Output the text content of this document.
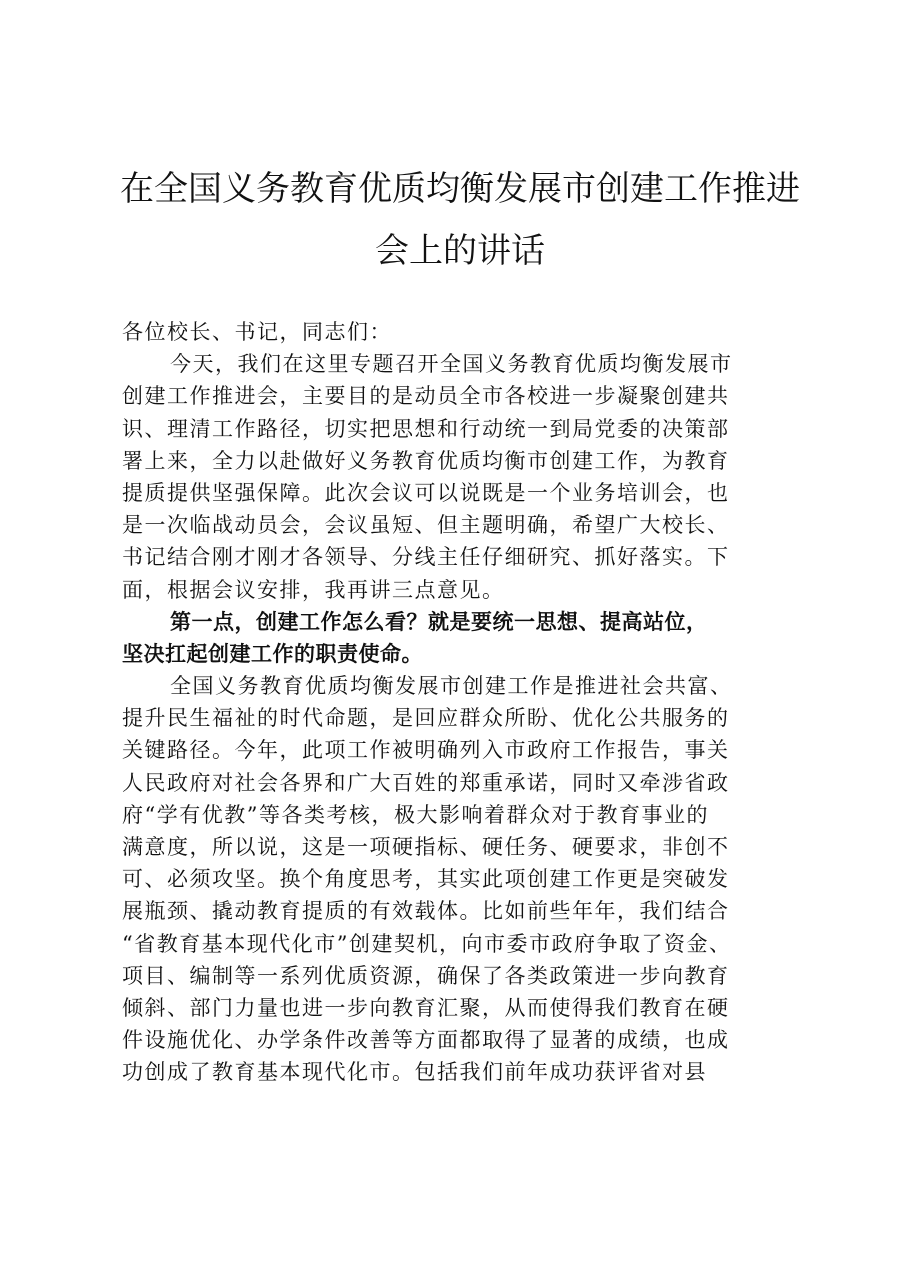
在全国义务教育优质均衡发展市创建工作推进
会上的讲话
各位校长、书记，同志们：
今天，我们在这里专题召开全国义务教育优质均衡发展市
创建工作推进会，主要目的是动员全市各校进一步凝聚创建共
识、理清工作路径，切实把思想和行动统一到局党委的决策部
署上来，全力以赴做好义务教育优质均衡市创建工作，为教育
提质提供坚强保障。此次会议可以说既是一个业务培训会，也
是一次临战动员会，会议虽短、但主题明确，希望广大校长、
书记结合刚才刚才各领导、分线主任仔细研究、抓好落实。下
面，根据会议安排，我再讲三点意见。
第一点，创建工作怎么看？就是要统一思想、提高站位，
坚决扛起创建工作的职责使命。
全国义务教育优质均衡发展市创建工作是推进社会共富、
提升民生福祉的时代命题，是回应群众所盼、优化公共服务的
关键路径。今年，此项工作被明确列入市政府工作报告，事关
人民政府对社会各界和广大百姓的郑重承诺，同时又牵涉省政
府“学有优教”等各类考核，极大影响着群众对于教育事业的
满意度，所以说，这是一项硬指标、硬任务、硬要求，非创不
可、必须攻坚。换个角度思考，其实此项创建工作更是突破发
展瓶颈、撬动教育提质的有效载体。比如前些年年，我们结合
“省教育基本现代化市”创建契机，向市委市政府争取了资金、
项目、编制等一系列优质资源，确保了各类政策进一步向教育
倾斜、部门力量也进一步向教育汇聚，从而使得我们教育在硬
件设施优化、办学条件改善等方面都取得了显著的成绩，也成
功创成了教育基本现代化市。包括我们前年成功获评省对县
